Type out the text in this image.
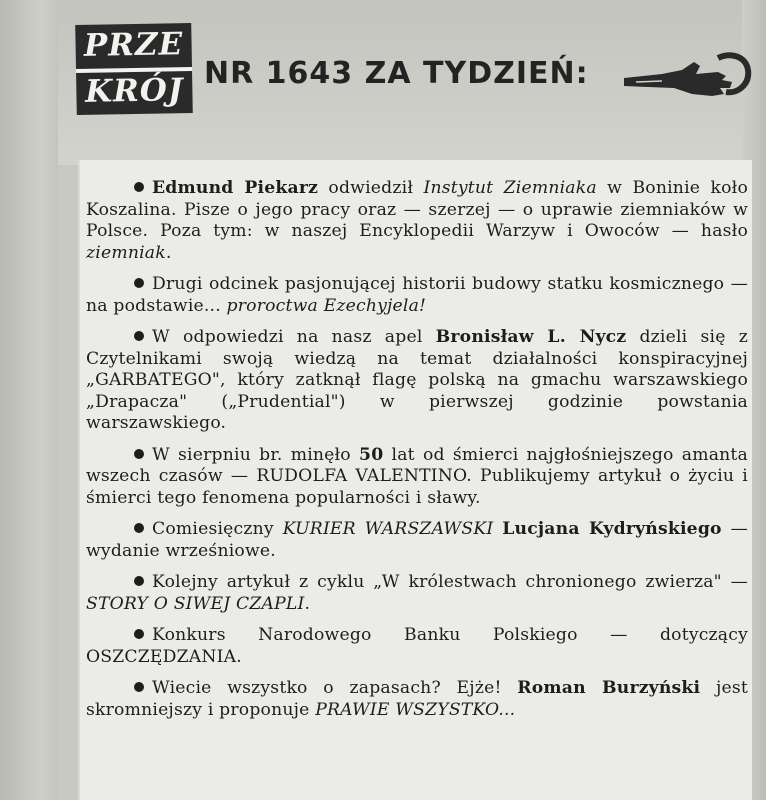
PRZE
KRÓJ NR 1643 ZA TYDZIEŃ:

Edmund Piekarz odwiedził Instytut Ziemniaka w Boninie koło Koszalina. Pisze o jego pracy oraz — szerzej — o uprawie ziemniaków w Polsce. Poza tym: w naszej Encyklopedii Warzyw i Owoców — hasło ziemniak.

Drugi odcinek pasjonującej historii budowy statku kosmicznego — na podstawie... proroctwa Ezechyjela!

W odpowiedzi na nasz apel Bronisław L. Nycz dzieli się z Czytelnikami swoją wiedzą na temat działalności konspiracyjnej „GARBATEGO", który zatknął flagę polską na gmachu warszawskiego „Drapacza" („Prudential") w pierwszej godzinie powstania warszawskiego.

W sierpniu br. minęło 50 lat od śmierci najgłośniejszego amanta wszech czasów — RUDOLFA VALENTINO. Publikujemy artykuł o życiu i śmierci tego fenomena popularności i sławy.

Comiesięczny KURIER WARSZAWSKI Lucjana Kydryńskiego — wydanie wrześniowe.

Kolejny artykuł z cyklu „W królestwach chronionego zwierza" — STORY O SIWEJ CZAPLI.

Konkurs Narodowego Banku Polskiego — dotyczący OSZCZĘDZANIA.

Wiecie wszystko o zapasach? Ejże! Roman Burzyński jest skromniejszy i proponuje PRAWIE WSZYSTKO...
